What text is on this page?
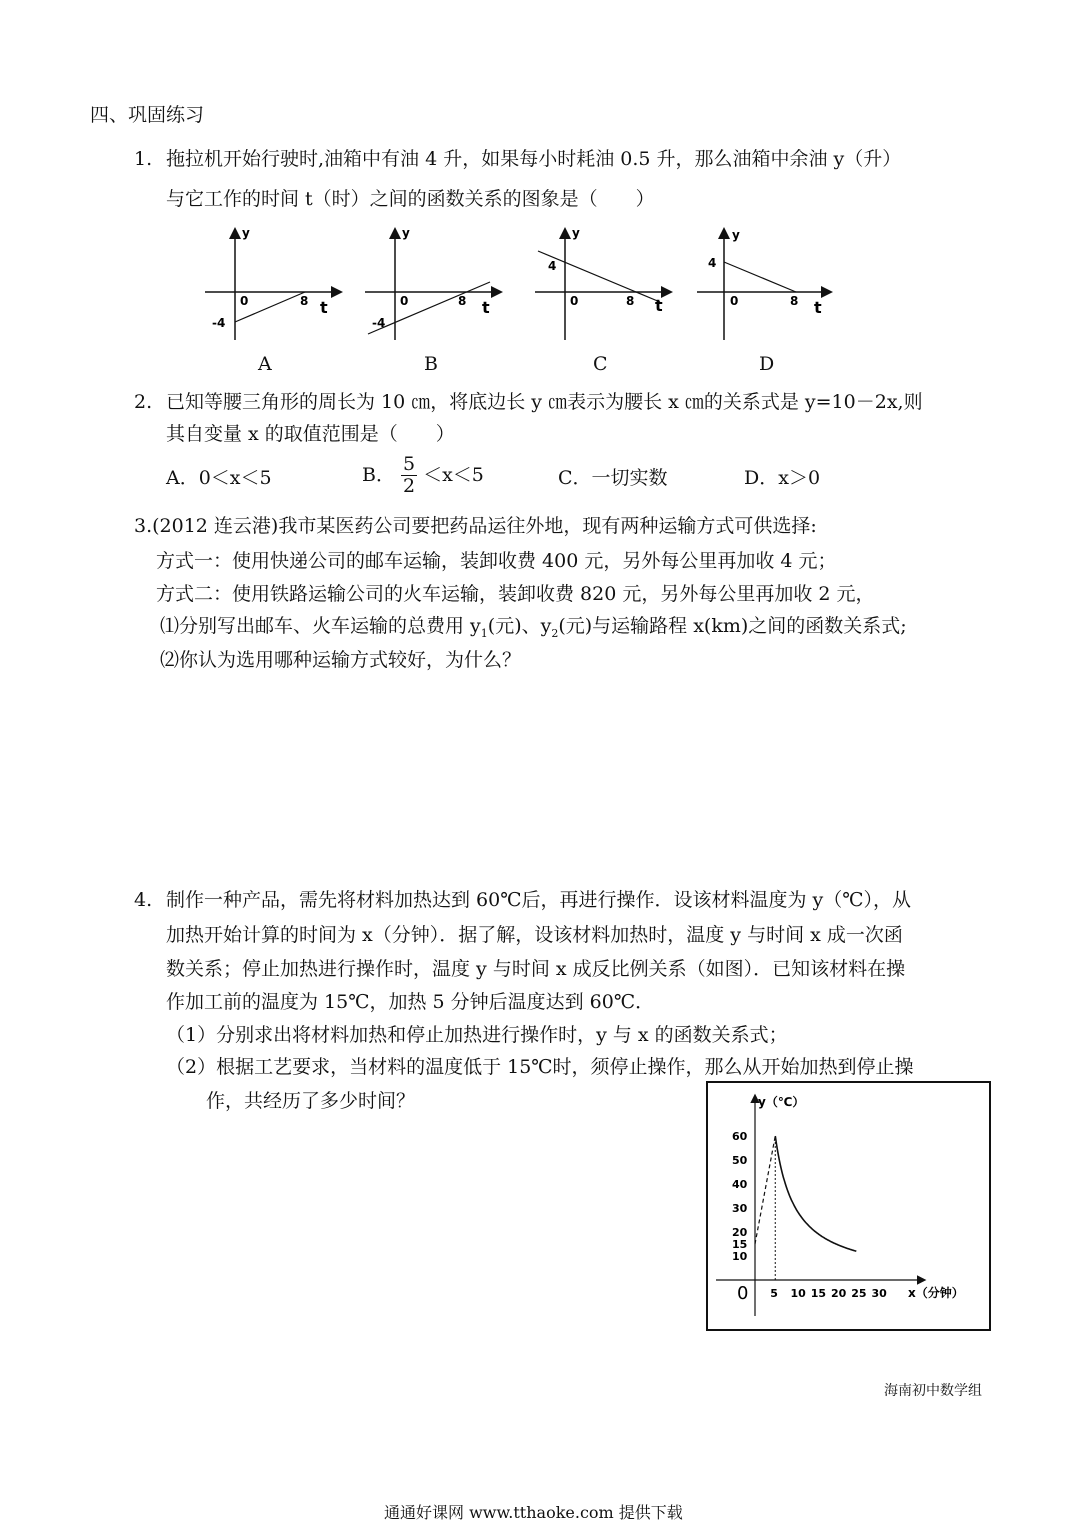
四、巩固练习
1. 拖拉机开始行驶时,油箱中有油 4 升，如果每小时耗油 0.5 升，那么油箱中余油 y（升）
与它工作的时间 t（时）之间的函数关系的图象是（　　）
y
t
0	8
-4
A
y
t
0	8
-4
B
y
t
0	8
4
C
y
t
0	8
4
D
2. 已知等腰三角形的周长为 10 ㎝，将底边长 y ㎝表示为腰长 x ㎝的关系式是 y=10－2x,则
其自变量 x 的取值范围是（　　）
A．0＜x＜5	B． $\frac{5}{2} <x<5$	C．一切实数	D．x＞0
3.(2012 连云港)我市某医药公司要把药品运往外地，现有两种运输方式可供选择:
方式一：使用快递公司的邮车运输，装卸收费 400 元，另外每公里再加收 4 元；
方式二：使用铁路运输公司的火车运输，装卸收费 820 元，另外每公里再加收 2 元，
⑴分别写出邮车、火车运输的总费用 $y_1$(元)、$y_2$(元)与运输路程 x(km)之间的函数关系式;
⑵你认为选用哪种运输方式较好，为什么？
4. 制作一种产品，需先将材料加热达到 60℃后，再进行操作．设该材料温度为 y（℃），从
加热开始计算的时间为 x（分钟）．据了解，设该材料加热时，温度 y 与时间 x 成一次函
数关系；停止加热进行操作时，温度 y 与时间 x 成反比例关系（如图）．已知该材料在操
作加工前的温度为 15℃，加热 5 分钟后温度达到 60℃．
（1）分别求出将材料加热和停止加热进行操作时，y 与 x 的函数关系式；
（2）根据工艺要求，当材料的温度低于 15℃时，须停止操作，那么从开始加热到停止操
作，共经历了多少时间？	y（℃）
x（分钟）
0
60
50
40
30
20
15
10
5 10 15 20 25 30
海南初中数学组
通通好课网 www.tthaoke.com 提供下载
